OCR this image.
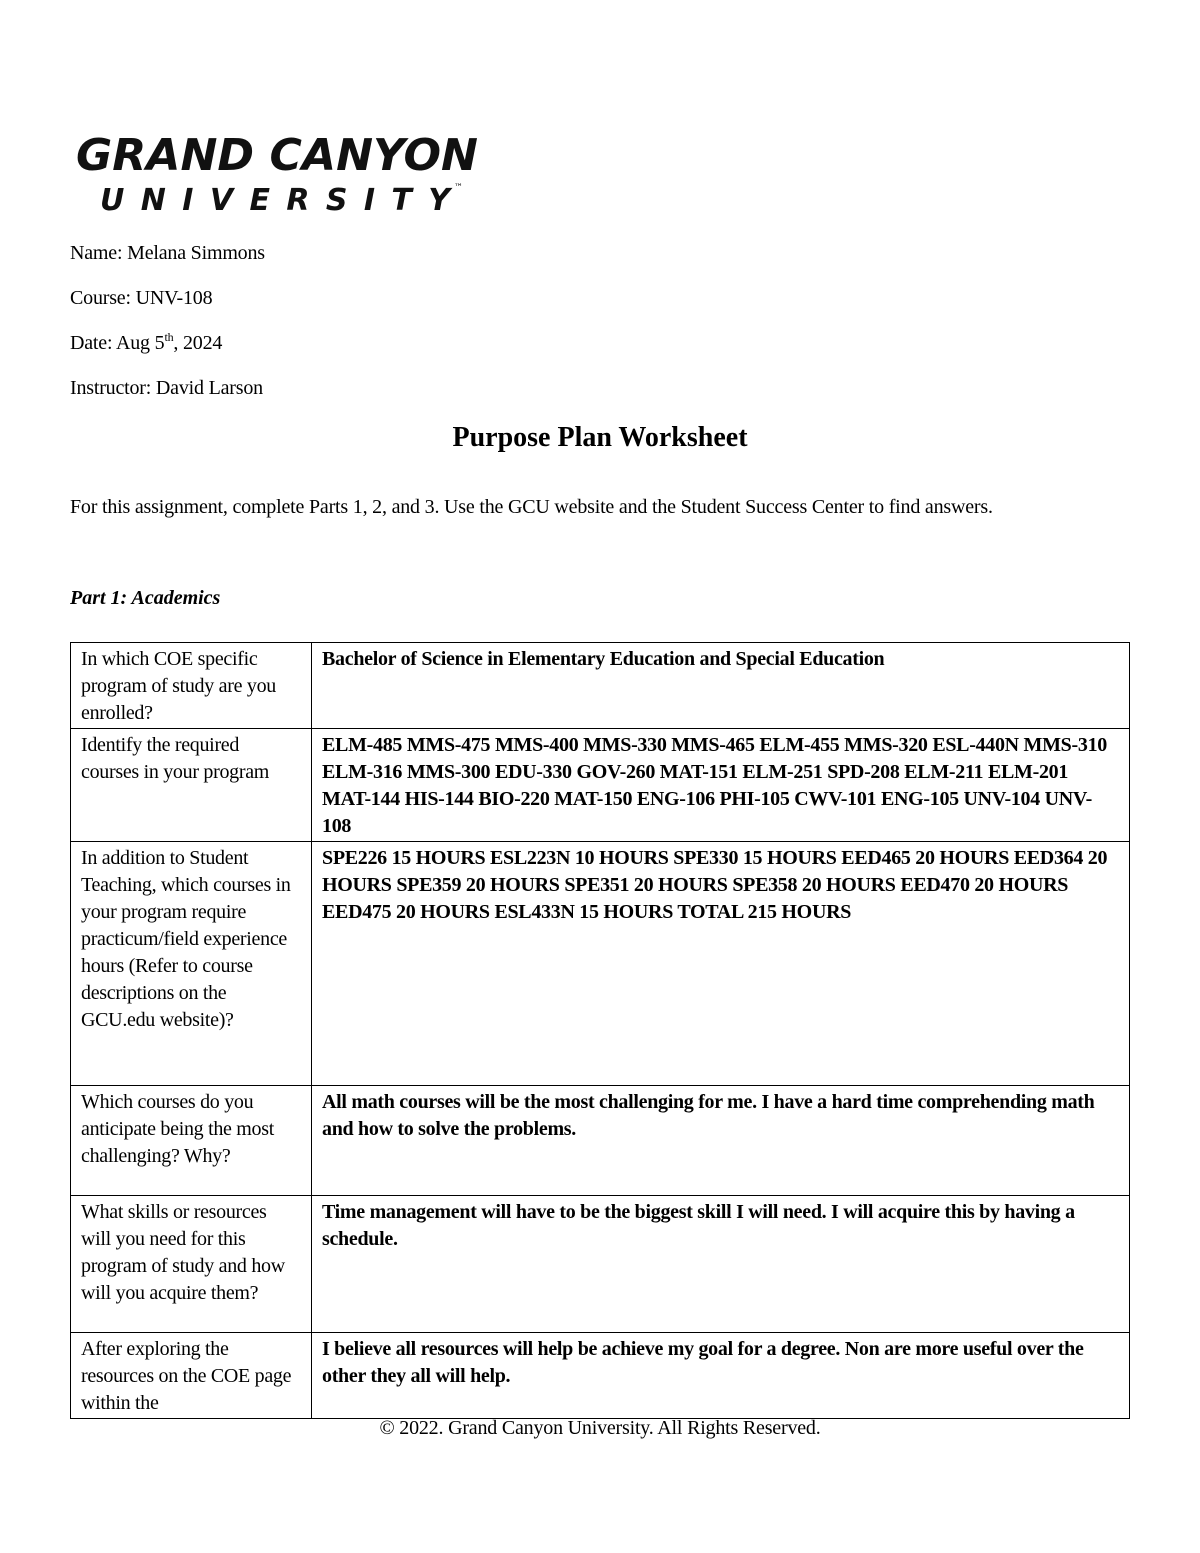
GRAND CANYON
UNIVERSITY ™
Name: Melana Simmons
Course: UNV-108
Date: Aug 5th, 2024
Instructor: David Larson
Purpose Plan Worksheet
For this assignment, complete Parts 1, 2, and 3. Use the GCU website and the Student Success Center to find answers.
Part 1: Academics
In which COE specific program of study are you enrolled?	Bachelor of Science in Elementary Education and Special Education
Identify the required courses in your program	ELM-485 MMS-475 MMS-400 MMS-330 MMS-465 ELM-455 MMS-320 ESL-440N MMS-310 ELM-316 MMS-300 EDU-330 GOV-260 MAT-151 ELM-251 SPD-208 ELM-211 ELM-201 MAT-144 HIS-144 BIO-220 MAT-150 ENG-106 PHI-105 CWV-101 ENG-105 UNV-104 UNV-108
In addition to Student Teaching, which courses in your program require practicum/field experience hours (Refer to course descriptions on the GCU.edu website)?	SPE226 15 HOURS ESL223N 10 HOURS SPE330 15 HOURS EED465 20 HOURS EED364 20 HOURS SPE359 20 HOURS SPE351 20 HOURS SPE358 20 HOURS EED470 20 HOURS EED475 20 HOURS ESL433N 15 HOURS TOTAL 215 HOURS
Which courses do you anticipate being the most challenging? Why?	All math courses will be the most challenging for me. I have a hard time comprehending math and how to solve the problems.
What skills or resources will you need for this program of study and how will you acquire them?	Time management will have to be the biggest skill I will need. I will acquire this by having a schedule.
After exploring the resources on the COE page within the	I believe all resources will help be achieve my goal for a degree. Non are more useful over the other they all will help.
© 2022. Grand Canyon University. All Rights Reserved.
